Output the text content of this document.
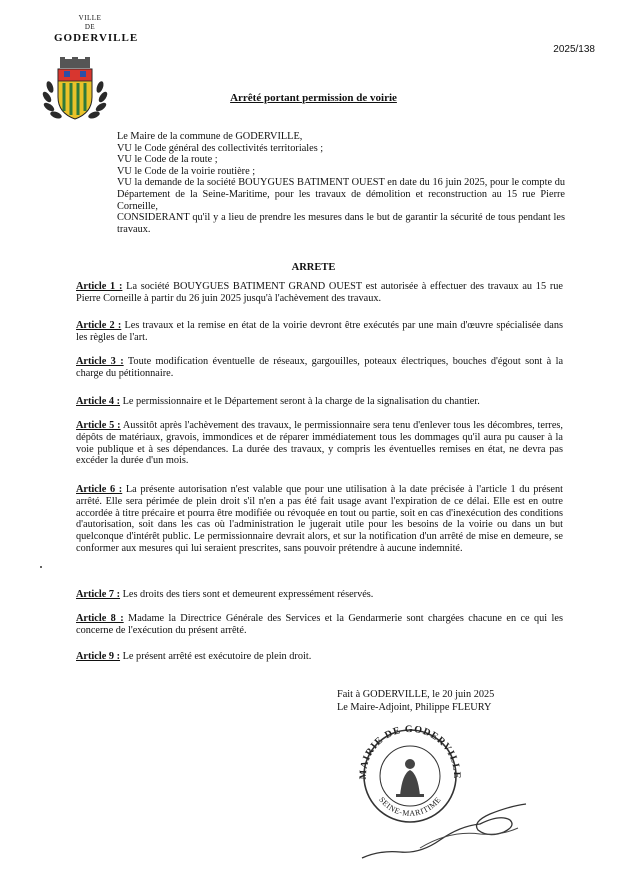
VILLE
DE
GODERVILLE
2025/138
Arrêté portant permission de voirie
Le Maire de la commune de GODERVILLE,
VU le Code général des collectivités territoriales ;
VU le Code de la route ;
VU le Code de la voirie routière ;
VU la demande de la société BOUYGUES BATIMENT OUEST en date du 16 juin 2025, pour le compte du Département de la Seine-Maritime, pour les travaux de démolition et reconstruction au 15 rue Pierre Corneille,
CONSIDERANT qu'il y a lieu de prendre les mesures dans le but de garantir la sécurité de tous pendant les travaux.
ARRETE
Article 1 : La société BOUYGUES BATIMENT GRAND OUEST est autorisée à effectuer des travaux au 15 rue Pierre Corneille à partir du 26 juin 2025 jusqu'à l'achèvement des travaux.
Article 2 : Les travaux et la remise en état de la voirie devront être exécutés par une main d'œuvre spécialisée dans les règles de l'art.
Article 3 : Toute modification éventuelle de réseaux, gargouilles, poteaux électriques, bouches d'égout sont à la charge du pétitionnaire.
Article 4 : Le permissionnaire et le Département seront à la charge de la signalisation du chantier.
Article 5 : Aussitôt après l'achèvement des travaux, le permissionnaire sera tenu d'enlever tous les décombres, terres, dépôts de matériaux, gravois, immondices et de réparer immédiatement tous les dommages qu'il aura pu causer à la voie publique et à ses dépendances. La durée des travaux, y compris les éventuelles remises en état, ne devra pas excéder la durée d'un mois.
Article 6 : La présente autorisation n'est valable que pour une utilisation à la date précisée à l'article 1 du présent arrêté. Elle sera périmée de plein droit s'il n'en a pas été fait usage avant l'expiration de ce délai. Elle est en outre accordée à titre précaire et pourra être modifiée ou révoquée en tout ou partie, soit en cas d'inexécution des conditions d'autorisation, soit dans les cas où l'administration le jugerait utile pour les besoins de la voirie ou dans un but quelconque d'intérêt public. Le permissionnaire devrait alors, et sur la notification d'un arrêté de mise en demeure, se conformer aux mesures qui lui seraient prescrites, sans pouvoir prétendre à aucune indemnité.
Article 7 : Les droits des tiers sont et demeurent expressément réservés.
Article 8 : Madame la Directrice Générale des Services et la Gendarmerie sont chargées chacune en ce qui les concerne de l'exécution du présent arrêté.
Article 9 : Le présent arrêté est exécutoire de plein droit.
Fait à GODERVILLE, le 20 juin 2025
Le Maire-Adjoint, Philippe FLEURY
MAIRIE DE GODERVILLE
SEINE-MARITIME
